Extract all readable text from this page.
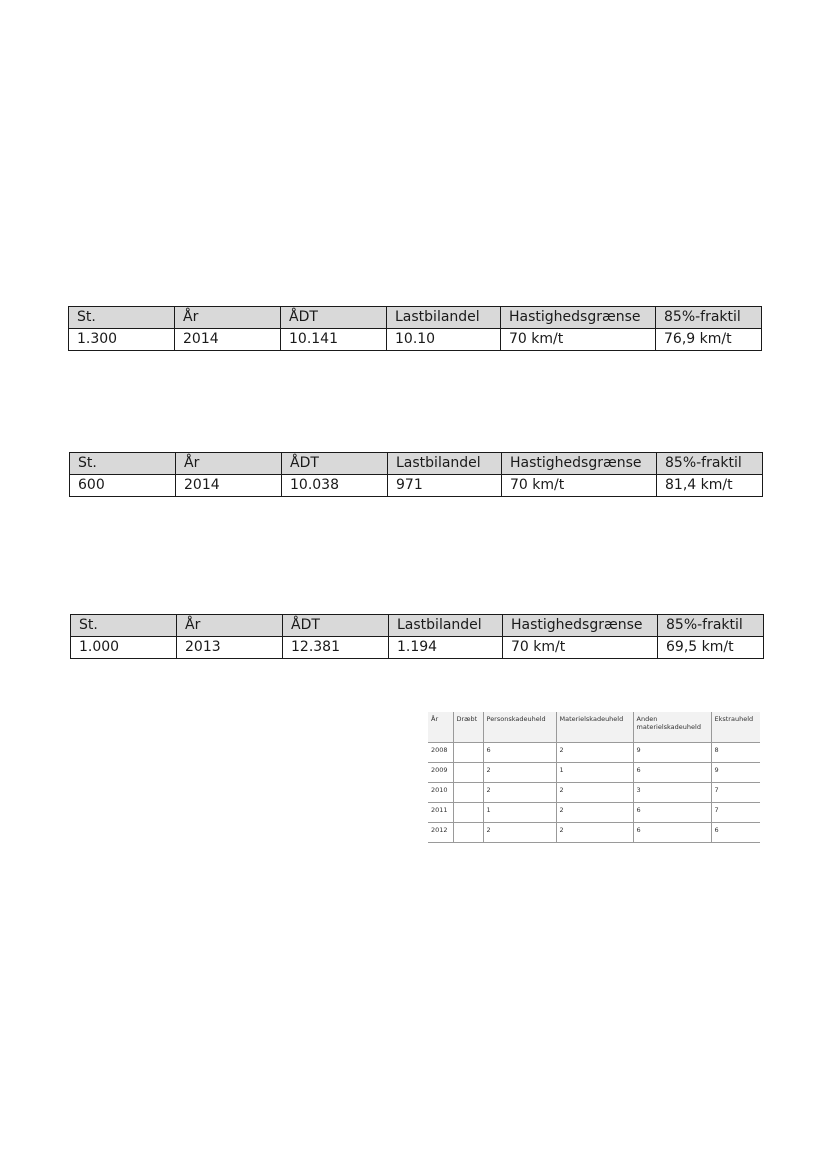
St.	År	ÅDT	Lastbilandel	Hastighedsgrænse	85%-fraktil
1.300	2014	10.141	10.10	70 km/t	76,9 km/t
St.	År	ÅDT	Lastbilandel	Hastighedsgrænse	85%-fraktil
600	2014	10.038	971	70 km/t	81,4 km/t
St.	År	ÅDT	Lastbilandel	Hastighedsgrænse	85%-fraktil
1.000	2013	12.381	1.194	70 km/t	69,5 km/t
År	Dræbt	Personskadeuheld	Materielskadeuheld	Anden materielskadeuheld	Ekstrauheld
2008		6	2	9	8
2009		2	1	6	9
2010		2	2	3	7
2011		1	2	6	7
2012		2	2	6	6
